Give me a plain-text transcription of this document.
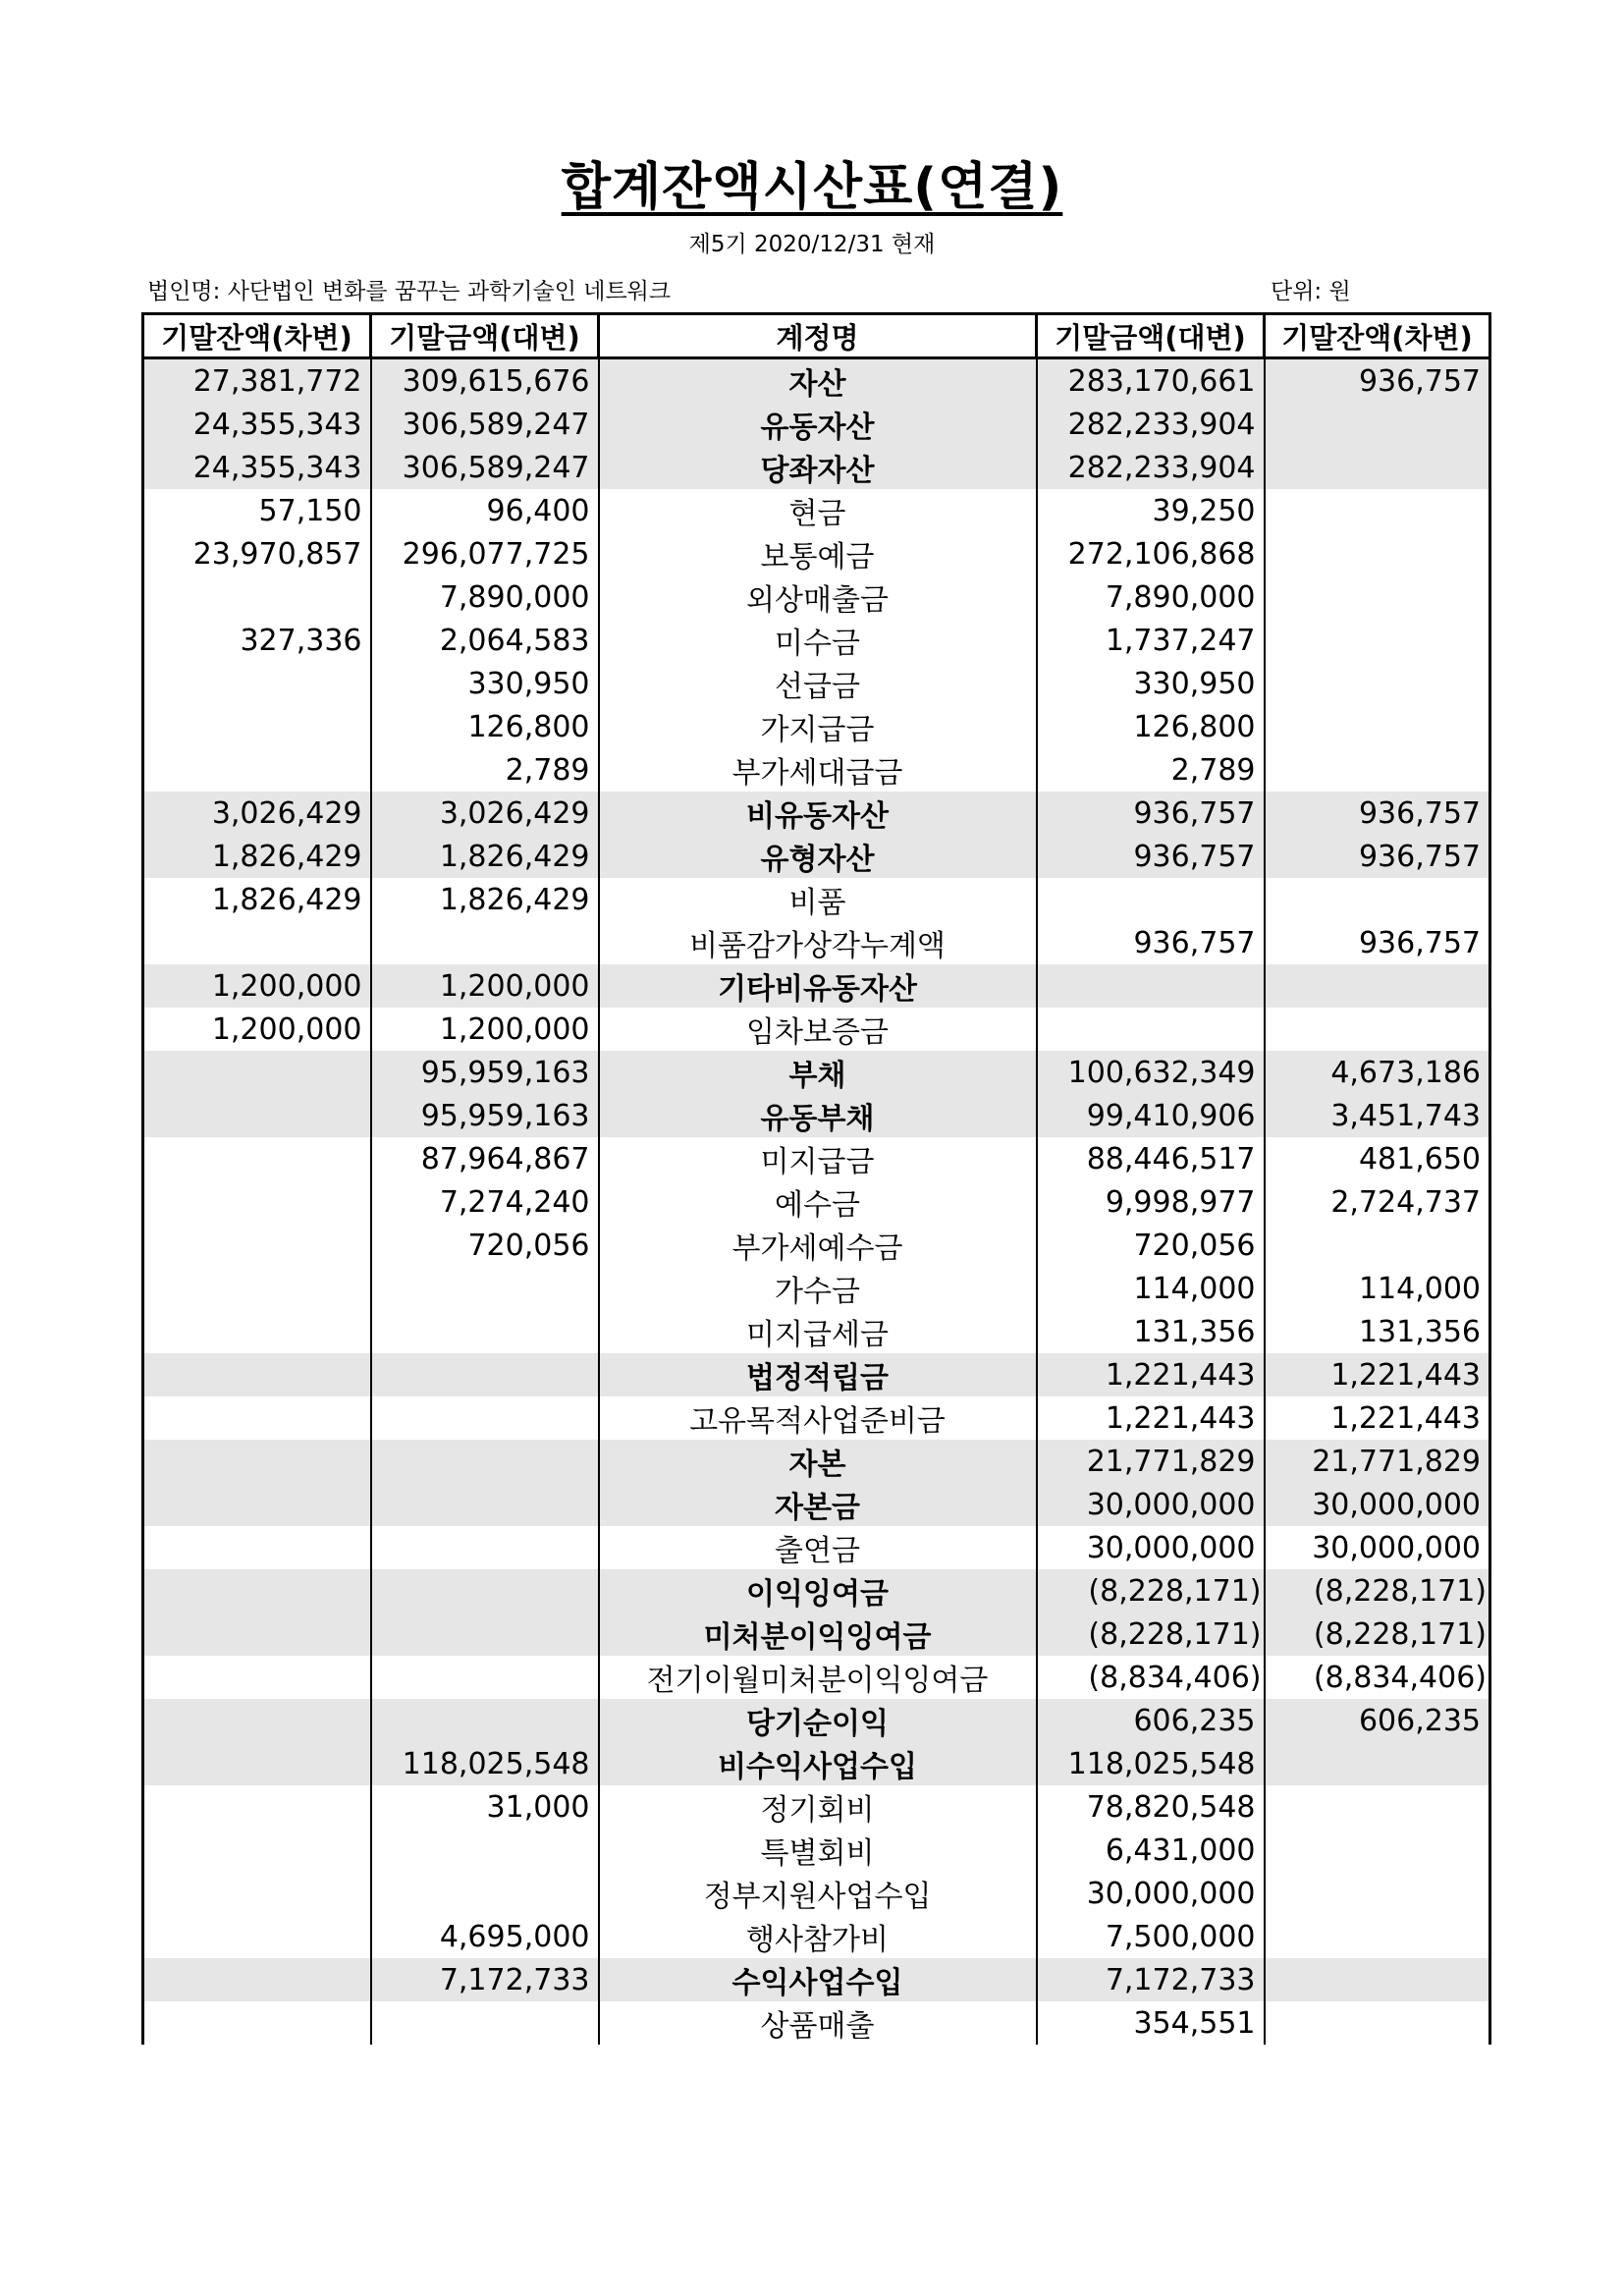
합계잔액시산표(연결)
제5기 2020/12/31 현재
법인명: 사단법인 변화를 꿈꾸는 과학기술인 네트워크	단위: 원
기말잔액(차변)	기말금액(대변)	계정명	기말금액(대변)	기말잔액(차변)
27,381,772	309,615,676	자산	283,170,661	936,757
24,355,343	306,589,247	유동자산	282,233,904	
24,355,343	306,589,247	당좌자산	282,233,904	
57,150	96,400	현금	39,250	
23,970,857	296,077,725	보통예금	272,106,868	
	7,890,000	외상매출금	7,890,000	
327,336	2,064,583	미수금	1,737,247	
	330,950	선급금	330,950	
	126,800	가지급금	126,800	
	2,789	부가세대급금	2,789	
3,026,429	3,026,429	비유동자산	936,757	936,757
1,826,429	1,826,429	유형자산	936,757	936,757
1,826,429	1,826,429	비품		
		비품감가상각누계액	936,757	936,757
1,200,000	1,200,000	기타비유동자산		
1,200,000	1,200,000	임차보증금		
	95,959,163	부채	100,632,349	4,673,186
	95,959,163	유동부채	99,410,906	3,451,743
	87,964,867	미지급금	88,446,517	481,650
	7,274,240	예수금	9,998,977	2,724,737
	720,056	부가세예수금	720,056	
		가수금	114,000	114,000
		미지급세금	131,356	131,356
		법정적립금	1,221,443	1,221,443
		고유목적사업준비금	1,221,443	1,221,443
		자본	21,771,829	21,771,829
		자본금	30,000,000	30,000,000
		출연금	30,000,000	30,000,000
		이익잉여금	(8,228,171)	(8,228,171)
		미처분이익잉여금	(8,228,171)	(8,228,171)
		전기이월미처분이익잉여금	(8,834,406)	(8,834,406)
		당기순이익	606,235	606,235
	118,025,548	비수익사업수입	118,025,548	
	31,000	정기회비	78,820,548	
		특별회비	6,431,000	
		정부지원사업수입	30,000,000	
	4,695,000	행사참가비	7,500,000	
	7,172,733	수익사업수입	7,172,733	
		상품매출	354,551	
